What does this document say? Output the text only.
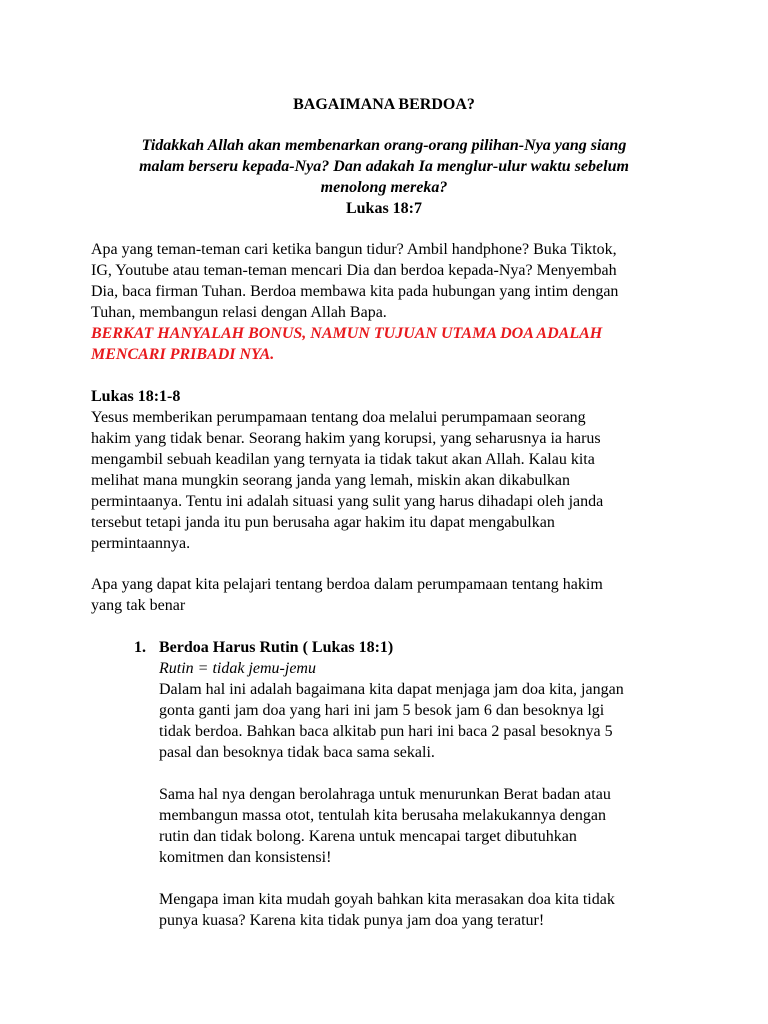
BAGAIMANA BERDOA?
Tidakkah Allah akan membenarkan orang-orang pilihan-Nya yang siang
malam berseru kepada-Nya? Dan adakah Ia menglur-ulur waktu sebelum
menolong mereka?
Lukas 18:7
Apa yang teman-teman cari ketika bangun tidur? Ambil handphone? Buka Tiktok,
IG, Youtube atau teman-teman mencari Dia dan berdoa kepada-Nya? Menyembah
Dia, baca firman Tuhan. Berdoa membawa kita pada hubungan yang intim dengan
Tuhan, membangun relasi dengan Allah Bapa.
BERKAT HANYALAH BONUS, NAMUN TUJUAN UTAMA DOA ADALAH
MENCARI PRIBADI NYA.
Lukas 18:1-8
Yesus memberikan perumpamaan tentang doa melalui perumpamaan seorang
hakim yang tidak benar. Seorang hakim yang korupsi, yang seharusnya ia harus
mengambil sebuah keadilan yang ternyata ia tidak takut akan Allah. Kalau kita
melihat mana mungkin seorang janda yang lemah, miskin akan dikabulkan
permintaanya. Tentu ini adalah situasi yang sulit yang harus dihadapi oleh janda
tersebut tetapi janda itu pun berusaha agar hakim itu dapat mengabulkan
permintaannya.
Apa yang dapat kita pelajari tentang berdoa dalam perumpamaan tentang hakim
yang tak benar
1. Berdoa Harus Rutin ( Lukas 18:1)
Rutin = tidak jemu-jemu
Dalam hal ini adalah bagaimana kita dapat menjaga jam doa kita, jangan
gonta ganti jam doa yang hari ini jam 5 besok jam 6 dan besoknya lgi
tidak berdoa. Bahkan baca alkitab pun hari ini baca 2 pasal besoknya 5
pasal dan besoknya tidak baca sama sekali.
Sama hal nya dengan berolahraga untuk menurunkan Berat badan atau
membangun massa otot, tentulah kita berusaha melakukannya dengan
rutin dan tidak bolong. Karena untuk mencapai target dibutuhkan
komitmen dan konsistensi!
Mengapa iman kita mudah goyah bahkan kita merasakan doa kita tidak
punya kuasa? Karena kita tidak punya jam doa yang teratur!
